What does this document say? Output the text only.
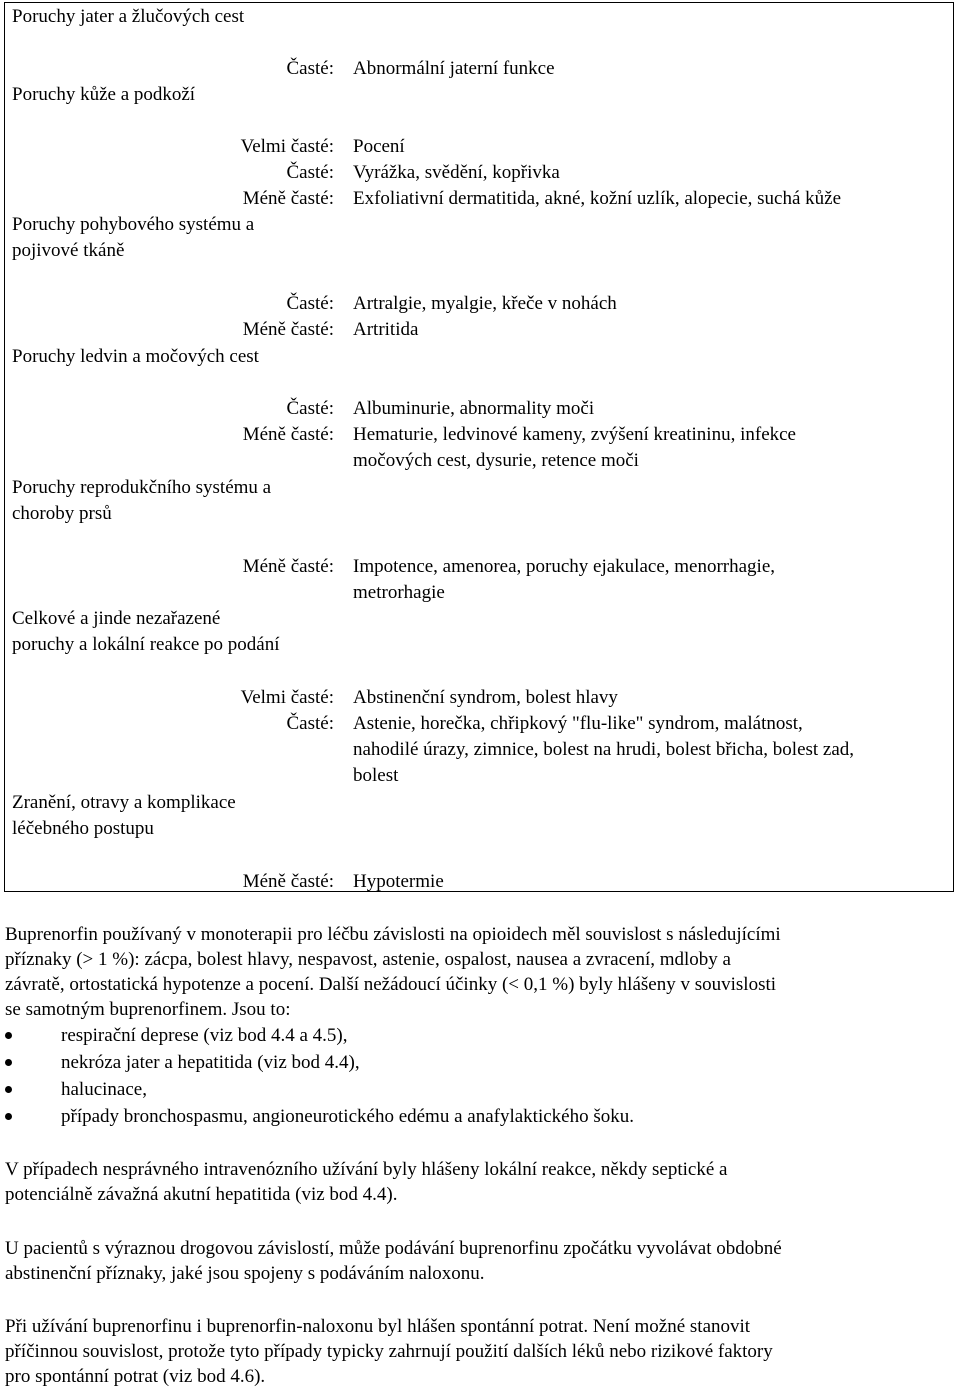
Poruchy jater a žlučových cest
Časté: Abnormální jaterní funkce
Poruchy kůže a podkoží
Velmi časté: Pocení
Časté: Vyrážka, svědění, kopřivka
Méně časté: Exfoliativní dermatitida, akné, kožní uzlík, alopecie, suchá kůže
Poruchy pohybového systému a
pojivové tkáně
Časté: Artralgie, myalgie, křeče v nohách
Méně časté: Artritida
Poruchy ledvin a močových cest
Časté: Albuminurie, abnormality moči
Méně časté: Hematurie, ledvinové kameny, zvýšení kreatininu, infekce
močových cest, dysurie, retence moči
Poruchy reprodukčního systému a
choroby prsů
Méně časté: Impotence, amenorea, poruchy ejakulace, menorrhagie,
metrorhagie
Celkové a jinde nezařazené
poruchy a lokální reakce po podání
Velmi časté: Abstinenční syndrom, bolest hlavy
Časté: Astenie, horečka, chřipkový "flu-like" syndrom, malátnost,
nahodilé úrazy, zimnice, bolest na hrudi, bolest břicha, bolest zad,
bolest
Zranění, otravy a komplikace
léčebného postupu
Méně časté: Hypotermie
Buprenorfin používaný v monoterapii pro léčbu závislosti na opioidech měl souvislost s následujícími
příznaky (> 1 %): zácpa, bolest hlavy, nespavost, astenie, ospalost, nausea a zvracení, mdloby a
závratě, ortostatická hypotenze a pocení. Další nežádoucí účinky (< 0,1 %) byly hlášeny v souvislosti
se samotným buprenorfinem. Jsou to:
respirační deprese (viz bod 4.4 a 4.5),
nekróza jater a hepatitida (viz bod 4.4),
halucinace,
případy bronchospasmu, angioneurotického edému a anafylaktického šoku.
V případech nesprávného intravenózního užívání byly hlášeny lokální reakce, někdy septické a
potenciálně závažná akutní hepatitida (viz bod 4.4).
U pacientů s výraznou drogovou závislostí, může podávání buprenorfinu zpočátku vyvolávat obdobné
abstinenční příznaky, jaké jsou spojeny s podáváním naloxonu.
Při užívání buprenorfinu i buprenorfin-naloxonu byl hlášen spontánní potrat. Není možné stanovit
příčinnou souvislost, protože tyto případy typicky zahrnují použití dalších léků nebo rizikové faktory
pro spontánní potrat (viz bod 4.6).
